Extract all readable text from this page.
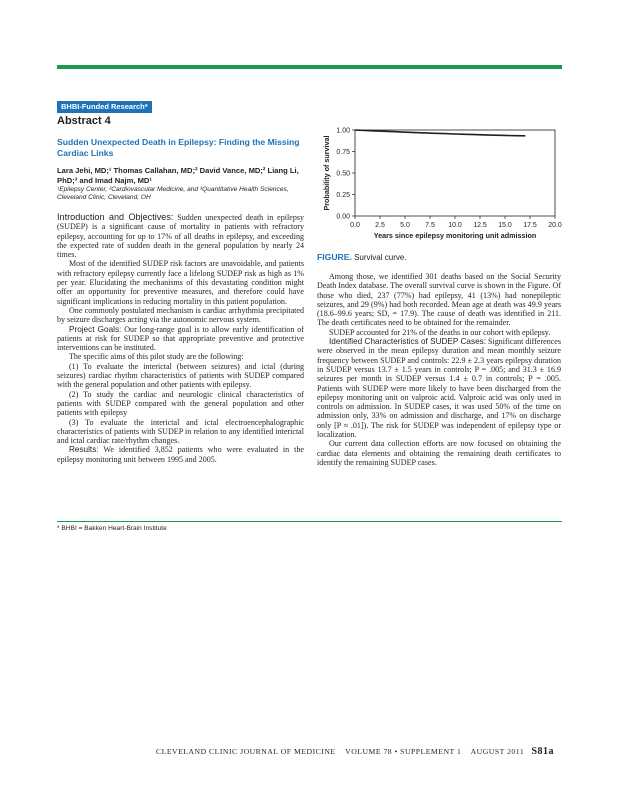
BHBI-Funded Research*
Abstract 4
Sudden Unexpected Death in Epilepsy: Finding the Missing Cardiac Links
Lara Jehi, MD;¹ Thomas Callahan, MD;² David Vance, MD;² Liang Li, PhD;³ and Imad Najm, MD¹
¹Epilepsy Center, ²Cardiovascular Medicine, and ³Quantitative Health Sciences, Cleveland Clinic, Cleveland, OH
0.0 2.5 5.0 7.5 10.0 12.5 15.0 17.5 20.0
0.00
0.25
0.50
0.75
1.00
Years since epilepsy monitoring unit admission
Probability of survival
FIGURE. Survival curve.

Introduction and Objectives: Sudden unexpected death in epilepsy (SUDEP) is a significant cause of mortality in patients with refractory epilepsy, accounting for up to 17% of all deaths in epilepsy, and exceeding the expected rate of sudden death in the general population by nearly 24 times.

Most of the identified SUDEP risk factors are unavoidable, and patients with refractory epilepsy currently face a lifelong SUDEP risk as high as 1% per year. Elucidating the mechanisms of this devastating condition might offer an opportunity for preventive measures, and therefore could have significant implications in reducing mortality in this patient population.

One commonly postulated mechanism is cardiac arrhythmia precipitated by seizure discharges acting via the autonomic nervous system.

Project Goals: Our long-range goal is to allow early identification of patients at risk for SUDEP so that appropriate preventive and protective interventions can be instituted.

The specific aims of this pilot study are the following:

(1) To evaluate the interictal (between seizures) and ictal (during seizures) cardiac rhythm characteristics of patients with SUDEP compared with the general population and other patients with epilepsy.

(2) To study the cardiac and neurologic clinical characteristics of patients with SUDEP compared with the general population and other patients with epilepsy

(3) To evaluate the interictal and ictal electroencephalographic characteristics of patients with SUDEP in relation to any identified interictal and ictal cardiac rate/rhythm changes.

Results: We identified 3,852 patients who were evaluated in the epilepsy monitoring unit between 1995 and 2005.

Among those, we identified 301 deaths based on the Social Security Death Index database. The overall survival curve is shown in the Figure. Of those who died, 237 (77%) had epilepsy, 41 (13%) had nonepileptic seizures, and 29 (9%) had both recorded. Mean age at death was 49.9 years (18.6–99.6 years; SD, = 17.9). The cause of death was identified in 211. The death certificates need to be obtained for the remainder.

SUDEP accounted for 21% of the deaths in our cohort with epilepsy.

Identified Characteristics of SUDEP Cases: Significant differences were observed in the mean epilepsy duration and mean monthly seizure frequency between SUDEP and controls: 22.9 ± 2.3 years epilepsy duration in SUDEP versus 13.7 ± 1.5 years in controls; P = .005; and 31.3 ± 16.9 seizures per month in SUDEP versus 1.4 ± 0.7 in controls; P = .005. Patients with SUDEP were more likely to have been discharged from the epilepsy monitoring unit on valproic acid. Valproic acid was only used in controls on admission. In SUDEP cases, it was used 50% of the time on admission only, 33% on admission and discharge, and 17% on discharge only [P ≈ .01]). The risk for SUDEP was independent of epilepsy type or localization.

Our current data collection efforts are now focused on obtaining the cardiac data elements and obtaining the remaining death certificates to identify the remaining SUDEP cases.

* BHBI = Bakken Heart-Brain Institute
CLEVELAND CLINIC JOURNAL OF MEDICINE VOLUME 78 • SUPPLEMENT 1 AUGUST 2011 S81a
